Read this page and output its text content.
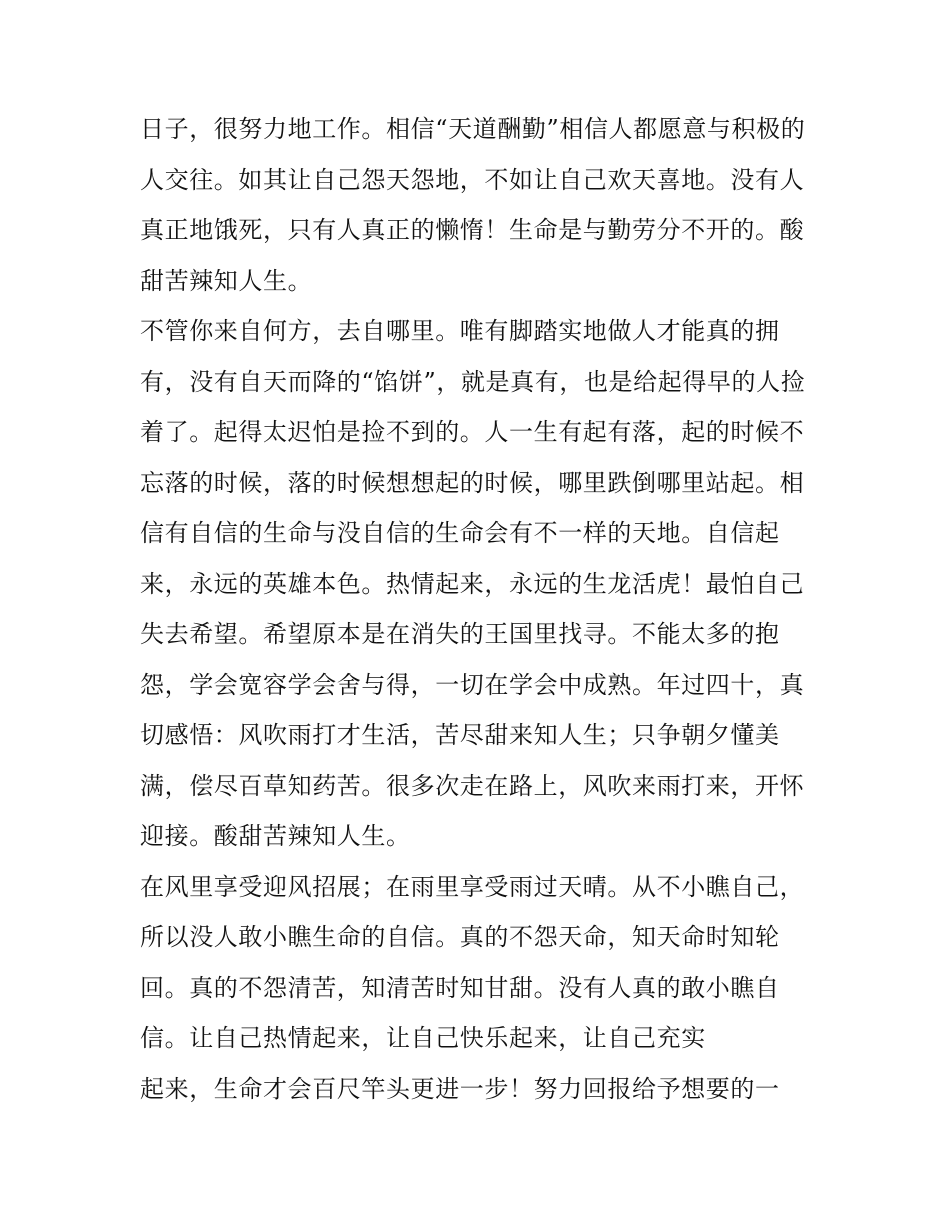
日子，很努力地工作。相信“天道酬勤”相信人都愿意与积极的
人交往。如其让自己怨天怨地，不如让自己欢天喜地。没有人
真正地饿死，只有人真正的懒惰！生命是与勤劳分不开的。酸
甜苦辣知人生。
不管你来自何方，去自哪里。唯有脚踏实地做人才能真的拥
有，没有自天而降的“馅饼”，就是真有，也是给起得早的人捡
着了。起得太迟怕是捡不到的。人一生有起有落，起的时候不
忘落的时候，落的时候想想起的时候，哪里跌倒哪里站起。相
信有自信的生命与没自信的生命会有不一样的天地。自信起
来，永远的英雄本色。热情起来，永远的生龙活虎！最怕自己
失去希望。希望原本是在消失的王国里找寻。不能太多的抱
怨，学会宽容学会舍与得，一切在学会中成熟。年过四十，真
切感悟：风吹雨打才生活，苦尽甜来知人生；只争朝夕懂美
满，偿尽百草知药苦。很多次走在路上，风吹来雨打来，开怀
迎接。酸甜苦辣知人生。
在风里享受迎风招展；在雨里享受雨过天晴。从不小瞧自己，
所以没人敢小瞧生命的自信。真的不怨天命，知天命时知轮
回。真的不怨清苦，知清苦时知甘甜。没有人真的敢小瞧自
信。让自己热情起来，让自己快乐起来，让自己充实
起来，生命才会百尺竿头更进一步！努力回报给予想要的一
